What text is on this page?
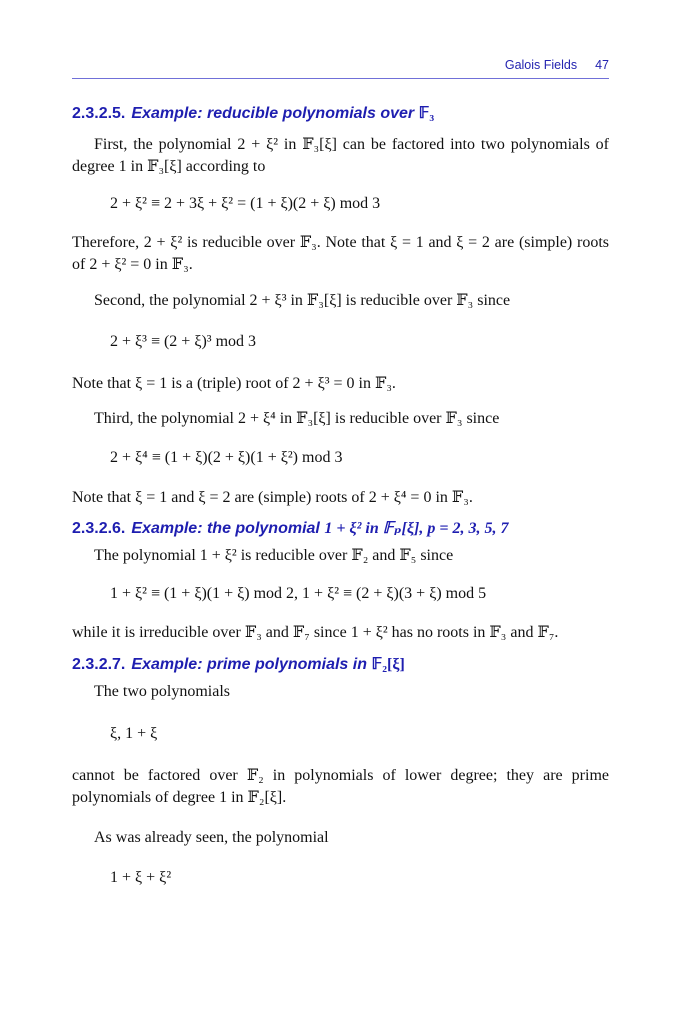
Galois Fields 47
2.3.2.5. Example: reducible polynomials over 𝔽₃

First, the polynomial 2 + ξ² in 𝔽₃[ξ] can be factored into two polynomials of degree 1 in 𝔽₃[ξ] according to

2 + ξ² ≡ 2 + 3ξ + ξ² = (1 + ξ)(2 + ξ) mod 3

Therefore, 2 + ξ² is reducible over 𝔽₃. Note that ξ = 1 and ξ = 2 are (simple) roots of 2 + ξ² = 0 in 𝔽₃.

Second, the polynomial 2 + ξ³ in 𝔽₃[ξ] is reducible over 𝔽₃ since

2 + ξ³ ≡ (2 + ξ)³ mod 3

Note that ξ = 1 is a (triple) root of 2 + ξ³ = 0 in 𝔽₃.

Third, the polynomial 2 + ξ⁴ in 𝔽₃[ξ] is reducible over 𝔽₃ since

2 + ξ⁴ ≡ (1 + ξ)(2 + ξ)(1 + ξ²) mod 3

Note that ξ = 1 and ξ = 2 are (simple) roots of 2 + ξ⁴ = 0 in 𝔽₃.

2.3.2.6. Example: the polynomial 1 + ξ² in 𝔽ₚ[ξ], p = 2, 3, 5, 7

The polynomial 1 + ξ² is reducible over 𝔽₂ and 𝔽₅ since

1 + ξ² ≡ (1 + ξ)(1 + ξ) mod 2, 1 + ξ² ≡ (2 + ξ)(3 + ξ) mod 5

while it is irreducible over 𝔽₃ and 𝔽₇ since 1 + ξ² has no roots in 𝔽₃ and 𝔽₇.

2.3.2.7. Example: prime polynomials in 𝔽₂[ξ]

The two polynomials

ξ, 1 + ξ

cannot be factored over 𝔽₂ in polynomials of lower degree; they are prime polynomials of degree 1 in 𝔽₂[ξ].

As was already seen, the polynomial

1 + ξ + ξ²
